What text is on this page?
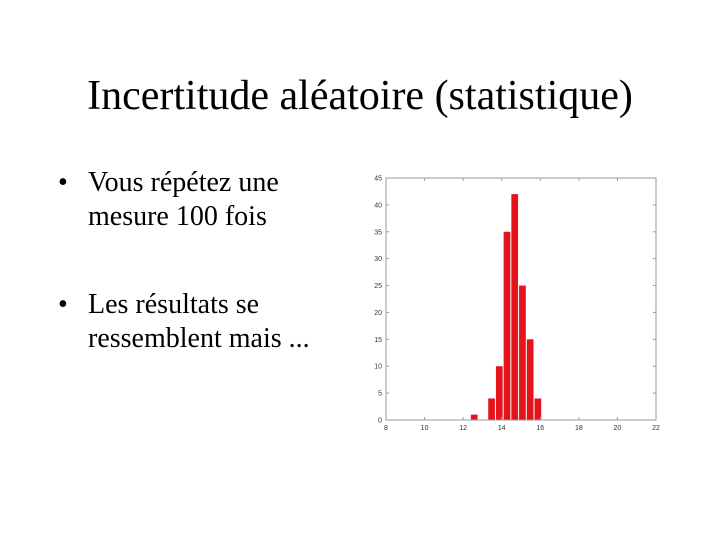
Incertitude aléatoire (statistique)
• Vous répétez une
mesure 100 fois
• Les résultats se
ressemblent mais ...
0
5
10
15
20
25
30
35
40
45
8	10	12	14	16	18	20	22
